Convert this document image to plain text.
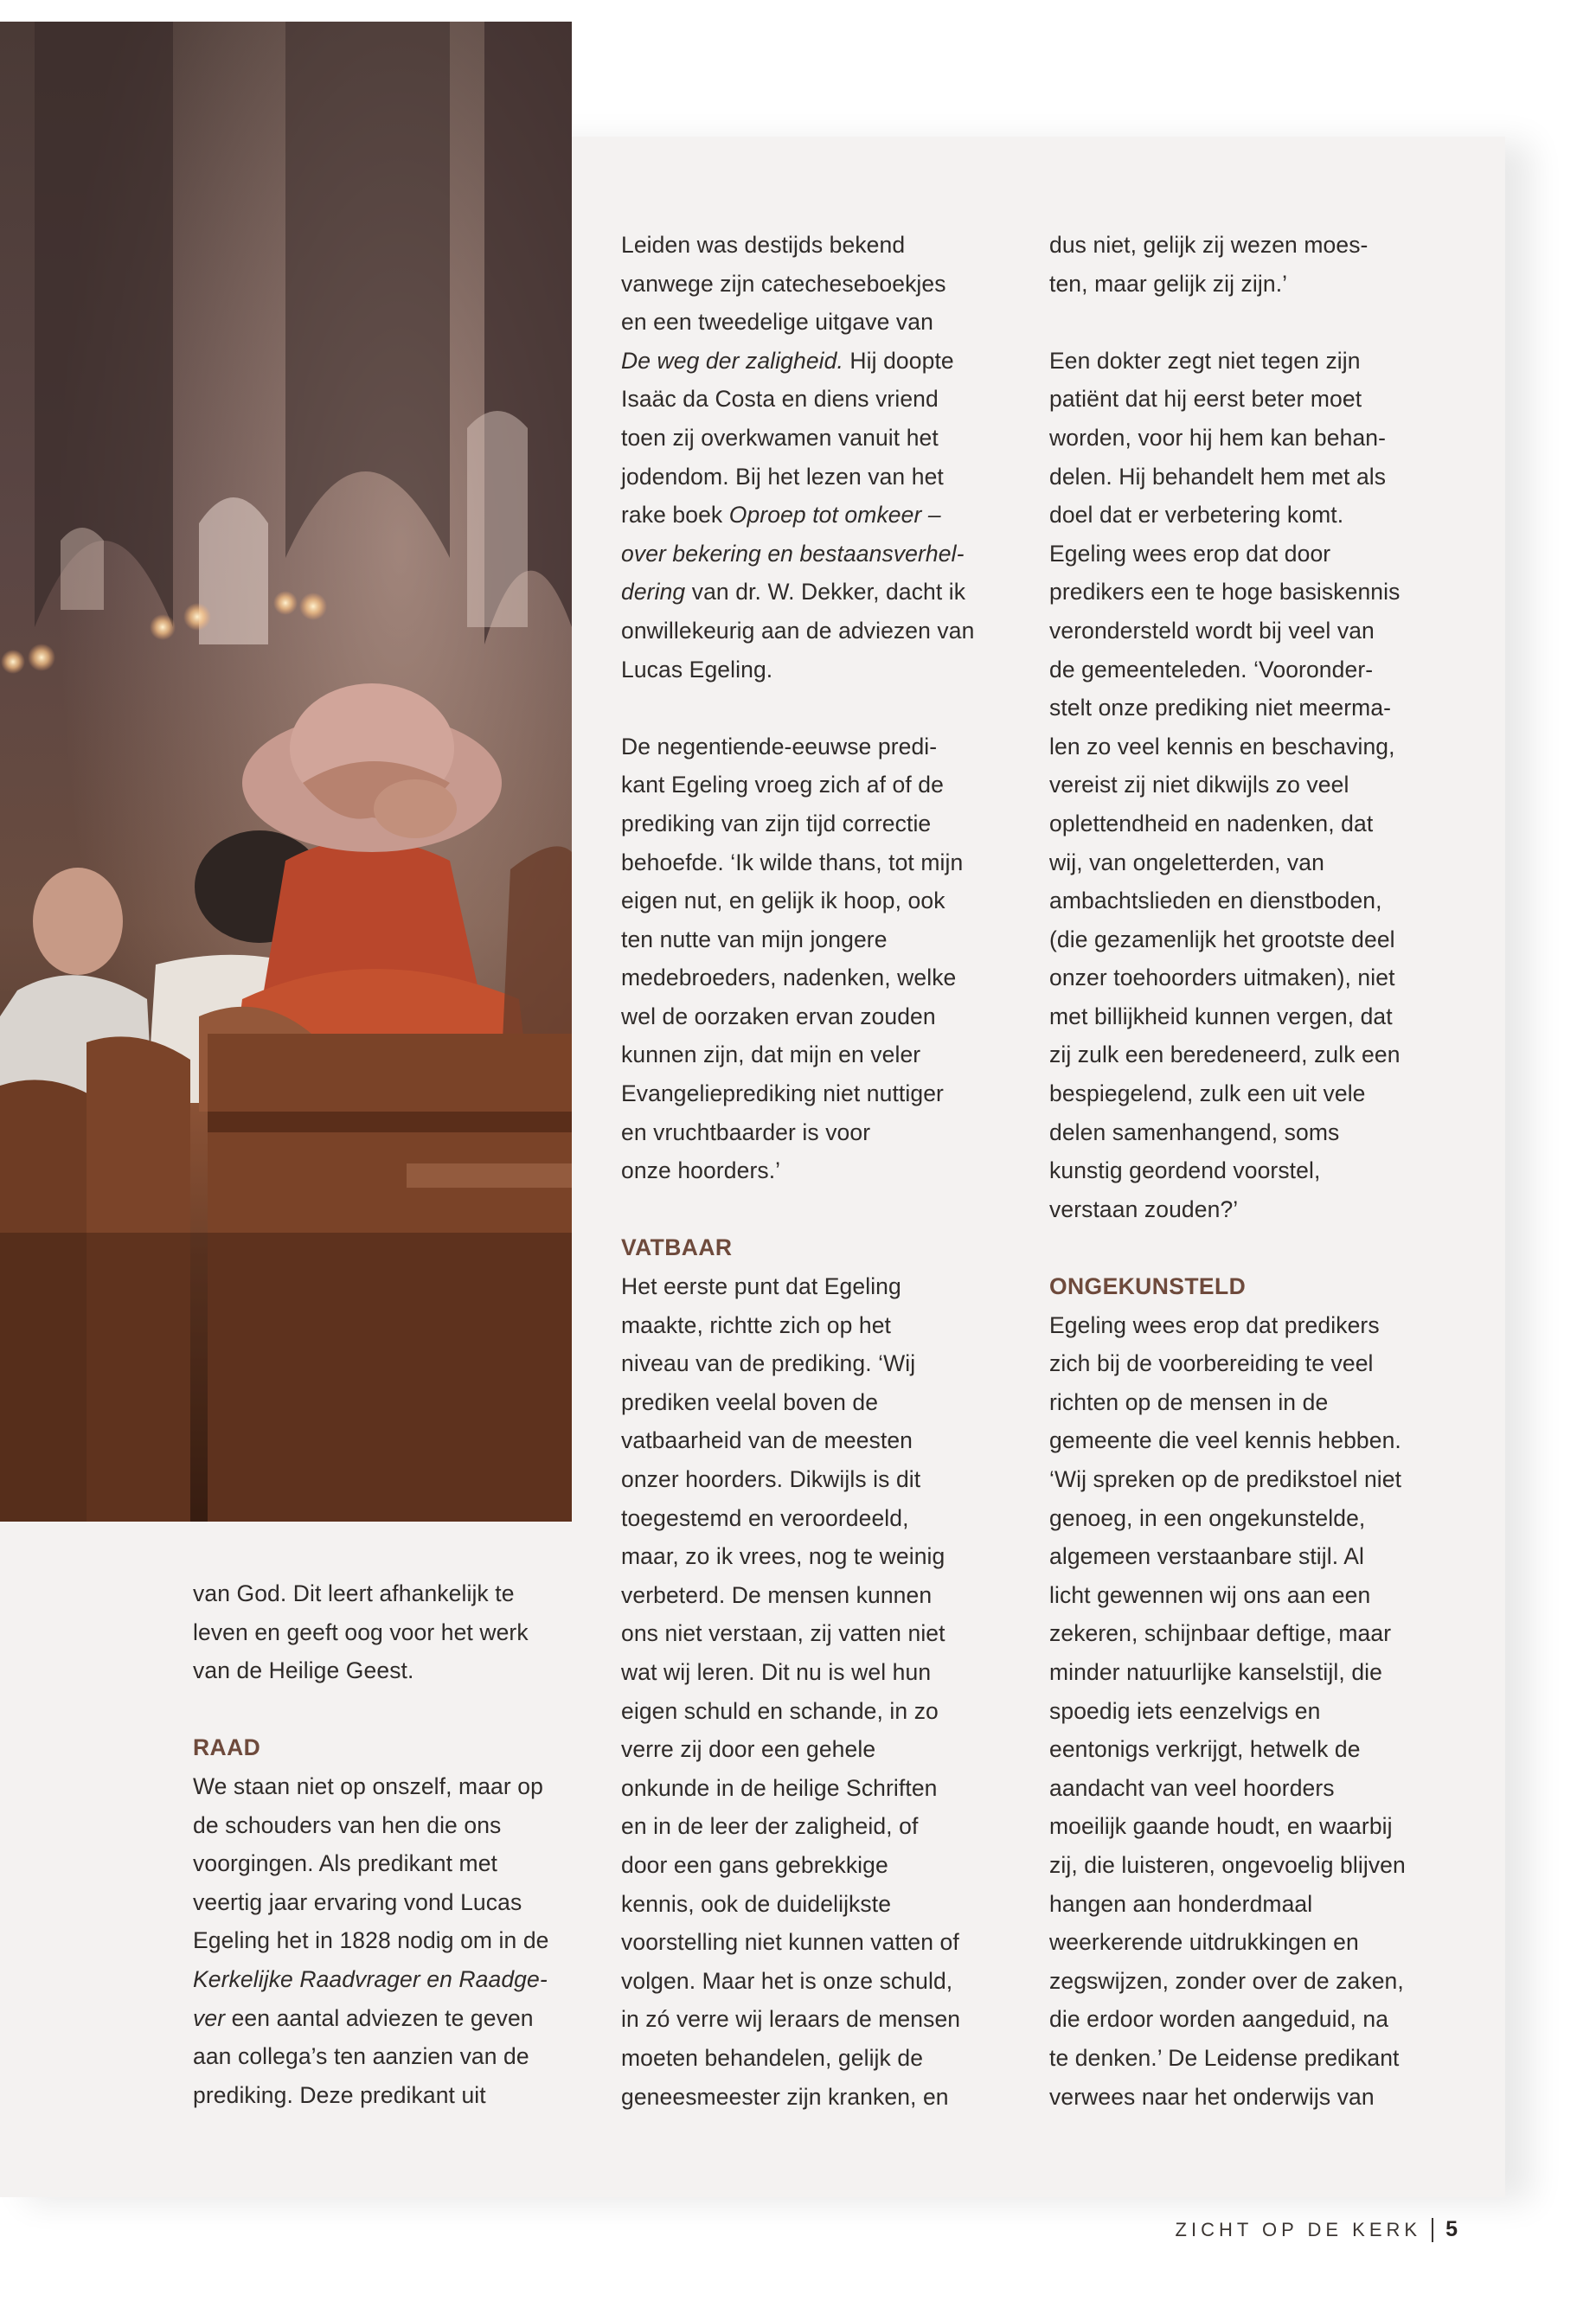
van God. Dit leert afhankelijk te
leven en geeft oog voor het werk
van de Heilige Geest.

RAAD

We staan niet op onszelf, maar op
de schouders van hen die ons
voorgingen. Als predikant met
veertig jaar ervaring vond Lucas
Egeling het in 1828 nodig om in de
Kerkelijke Raadvrager en Raadge-
ver een aantal adviezen te geven
aan collega’s ten aanzien van de
prediking. Deze predikant uit

Leiden was destijds bekend
vanwege zijn catecheseboekjes
en een tweedelige uitgave van
De weg der zaligheid. Hij doopte
Isaäc da Costa en diens vriend
toen zij overkwamen vanuit het
jodendom. Bij het lezen van het
rake boek Oproep tot omkeer –
over bekering en bestaansverhel-
dering van dr. W. Dekker, dacht ik
onwillekeurig aan de adviezen van
Lucas Egeling.

De negentiende-eeuwse predi-
kant Egeling vroeg zich af of de
prediking van zijn tijd correctie
behoefde. ‘Ik wilde thans, tot mijn
eigen nut, en gelijk ik hoop, ook
ten nutte van mijn jongere
medebroeders, nadenken, welke
wel de oorzaken ervan zouden
kunnen zijn, dat mijn en veler
Evangelieprediking niet nuttiger
en vruchtbaarder is voor
onze hoorders.’

VATBAAR

Het eerste punt dat Egeling
maakte, richtte zich op het
niveau van de prediking. ‘Wij
prediken veelal boven de
vatbaarheid van de meesten
onzer hoorders. Dikwijls is dit
toegestemd en veroordeeld,
maar, zo ik vrees, nog te weinig
verbeterd. De mensen kunnen
ons niet verstaan, zij vatten niet
wat wij leren. Dit nu is wel hun
eigen schuld en schande, in zo
verre zij door een gehele
onkunde in de heilige Schriften
en in de leer der zaligheid, of
door een gans gebrekkige
kennis, ook de duidelijkste
voorstelling niet kunnen vatten of
volgen. Maar het is onze schuld,
in zó verre wij leraars de mensen
moeten behandelen, gelijk de
geneesmeester zijn kranken, en

dus niet, gelijk zij wezen moes-
ten, maar gelijk zij zijn.’

Een dokter zegt niet tegen zijn
patiënt dat hij eerst beter moet
worden, voor hij hem kan behan-
delen. Hij behandelt hem met als
doel dat er verbetering komt.
Egeling wees erop dat door
predikers een te hoge basiskennis
verondersteld wordt bij veel van
de gemeenteleden. ‘Vooronder-
stelt onze prediking niet meerma-
len zo veel kennis en beschaving,
vereist zij niet dikwijls zo veel
oplettendheid en nadenken, dat
wij, van ongeletterden, van
ambachtslieden en dienstboden,
(die gezamenlijk het grootste deel
onzer toehoorders uitmaken), niet
met billijkheid kunnen vergen, dat
zij zulk een beredeneerd, zulk een
bespiegelend, zulk een uit vele
delen samenhangend, soms
kunstig geordend voorstel,
verstaan zouden?’

ONGEKUNSTELD

Egeling wees erop dat predikers
zich bij de voorbereiding te veel
richten op de mensen in de
gemeente die veel kennis hebben.
‘Wij spreken op de predikstoel niet
genoeg, in een ongekunstelde,
algemeen verstaanbare stijl. Al
licht gewennen wij ons aan een
zekeren, schijnbaar deftige, maar
minder natuurlijke kanselstijl, die
spoedig iets eenzelvigs en
eentonigs verkrijgt, hetwelk de
aandacht van veel hoorders
moeilijk gaande houdt, en waarbij
zij, die luisteren, ongevoelig blijven
hangen aan honderdmaal
weerkerende uitdrukkingen en
zegswijzen, zonder over de zaken,
die erdoor worden aangeduid, na
te denken.’ De Leidense predikant
verwees naar het onderwijs van

ZICHT OP DE KERK 5
